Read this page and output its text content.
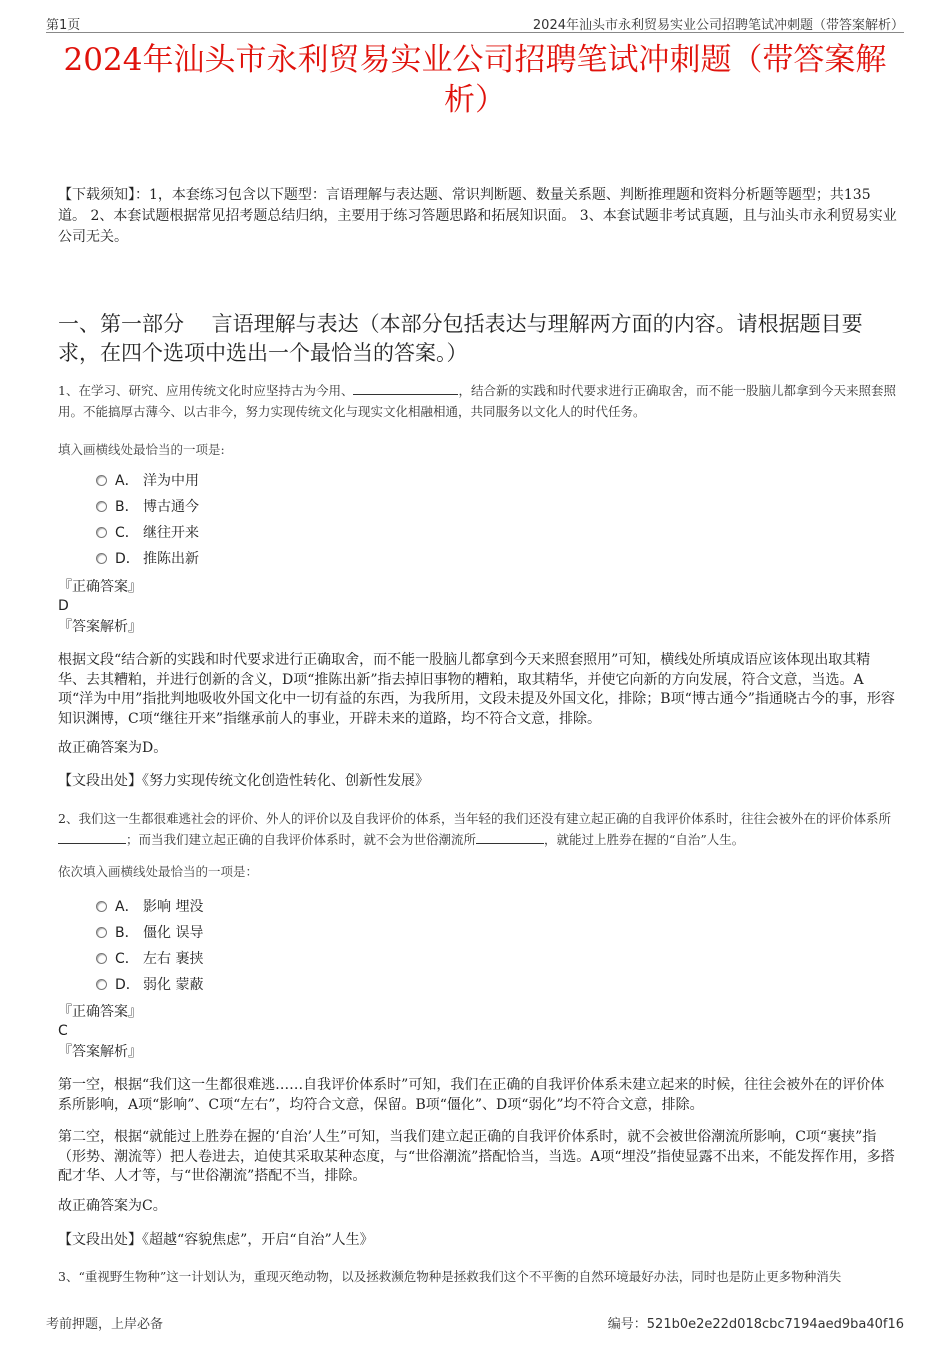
第1页	2024年汕头市永利贸易实业公司招聘笔试冲刺题（带答案解析）
2024年汕头市永利贸易实业公司招聘笔试冲刺题（带答案解析）
【下载须知】：1，本套练习包含以下题型：言语理解与表达题、常识判断题、数量关系题、判断推理题和资料分析题等题型；共135道。 2、本套试题根据常见招考题总结归纳，主要用于练习答题思路和拓展知识面。 3、本套试题非考试真题，且与汕头市永利贸易实业公司无关。
一、第一部分　 言语理解与表达（本部分包括表达与理解两方面的内容。请根据题目要求，在四个选项中选出一个最恰当的答案。）
1、在学习、研究、应用传统文化时应坚持古为今用、	，结合新的实践和时代要求进行正确取舍，而不能一股脑儿都拿到今天来照套照用。不能搞厚古薄今、以古非今，努力实现传统文化与现实文化相融相通，共同服务以文化人的时代任务。
填入画横线处最恰当的一项是:
A． 洋为中用
B． 博古通今
C． 继往开来
D． 推陈出新
『正确答案』
D
『答案解析』
根据文段“结合新的实践和时代要求进行正确取舍，而不能一股脑儿都拿到今天来照套照用”可知，横线处所填成语应该体现出取其精华、去其糟粕，并进行创新的含义，D项“推陈出新”指去掉旧事物的糟粕，取其精华，并使它向新的方向发展，符合文意，当选。A项“洋为中用”指批判地吸收外国文化中一切有益的东西，为我所用，文段未提及外国文化，排除；B项“博古通今”指通晓古今的事，形容知识渊博，C项“继往开来”指继承前人的事业，开辟未来的道路，均不符合文意，排除。
故正确答案为D。
【文段出处】《努力实现传统文化创造性转化、创新性发展》
2、我们这一生都很难逃社会的评价、外人的评价以及自我评价的体系，当年轻的我们还没有建立起正确的自我评价体系时，往往会被外在的评价体系所；而当我们建立起正确的自我评价体系时，就不会为世俗潮流所	，就能过上胜券在握的“自治”人生。
依次填入画横线处最恰当的一项是：
A． 影响 埋没
B． 僵化 误导
C． 左右 裹挟
D． 弱化 蒙蔽
『正确答案』
C
『答案解析』
第一空，根据“我们这一生都很难逃……自我评价体系时”可知，我们在正确的自我评价体系未建立起来的时候，往往会被外在的评价体系所影响，A项“影响”、C项“左右”，均符合文意，保留。B项“僵化”、D项“弱化”均不符合文意，排除。
第二空，根据“就能过上胜券在握的‘自治’人生”可知，当我们建立起正确的自我评价体系时，就不会被世俗潮流所影响，C项“裹挟”指（形势、潮流等）把人卷进去，迫使其采取某种态度，与“世俗潮流”搭配恰当，当选。A项“埋没”指使显露不出来，不能发挥作用，多搭配才华、人才等，与“世俗潮流”搭配不当，排除。
故正确答案为C。
【文段出处】《超越“容貌焦虑”，开启“自治”人生》
3、“重视野生物种”这一计划认为，重现灭绝动物，以及拯救濒危物种是拯救我们这个不平衡的自然环境最好办法，同时也是防止更多物种消失
考前押题，上岸必备	编号：521b0e2e22d018cbc7194aed9ba40f16
